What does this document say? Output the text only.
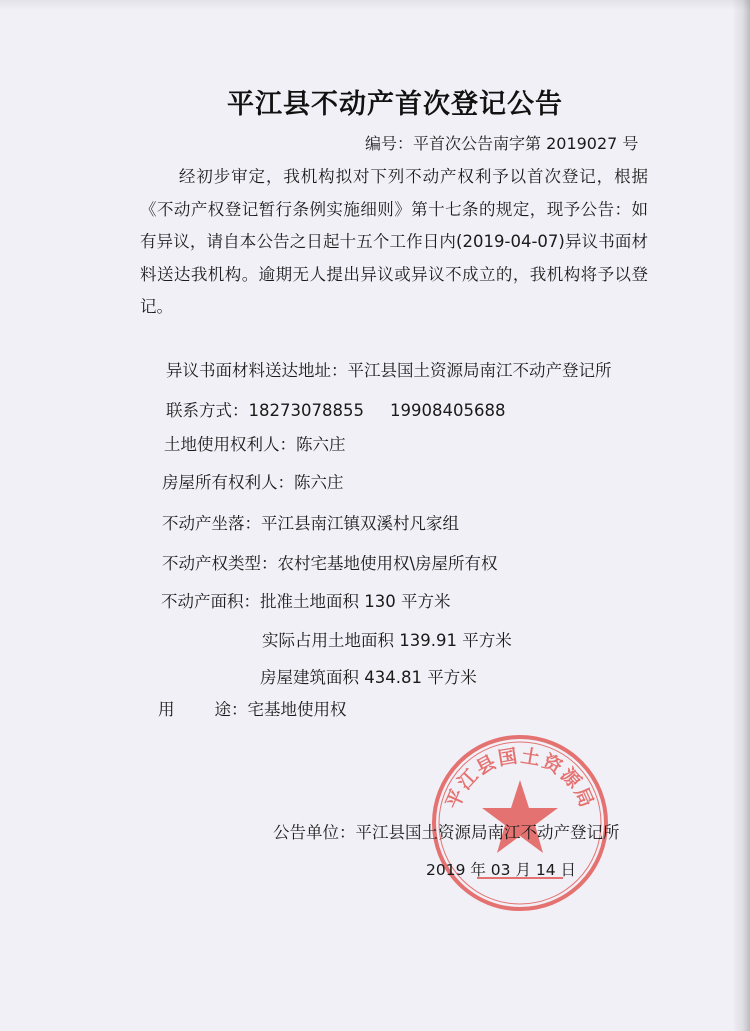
平江县不动产首次登记公告
编号：平首次公告南字第 2019027 号
经初步审定，我机构拟对下列不动产权利予以首次登记，根据《不动产权登记暂行条例实施细则》第十七条的规定，现予公告：如有异议，请自本公告之日起十五个工作日内(2019-04-07)异议书面材料送达我机构。逾期无人提出异议或异议不成立的，我机构将予以登记。
异议书面材料送达地址：平江县国土资源局南江不动产登记所
联系方式：18273078855 19908405688
土地使用权利人：陈六庄
房屋所有权利人：陈六庄
不动产坐落：平江县南江镇双溪村凡家组
不动产权类型：农村宅基地使用权\房屋所有权
不动产面积：批准土地面积 130 平方米
实际占用土地面积 139.91 平方米
房屋建筑面积 434.81 平方米
用途：宅基地使用权
平江县国土资源局
公告单位：平江县国土资源局南江不动产登记所
2019 年 03 月 14 日
